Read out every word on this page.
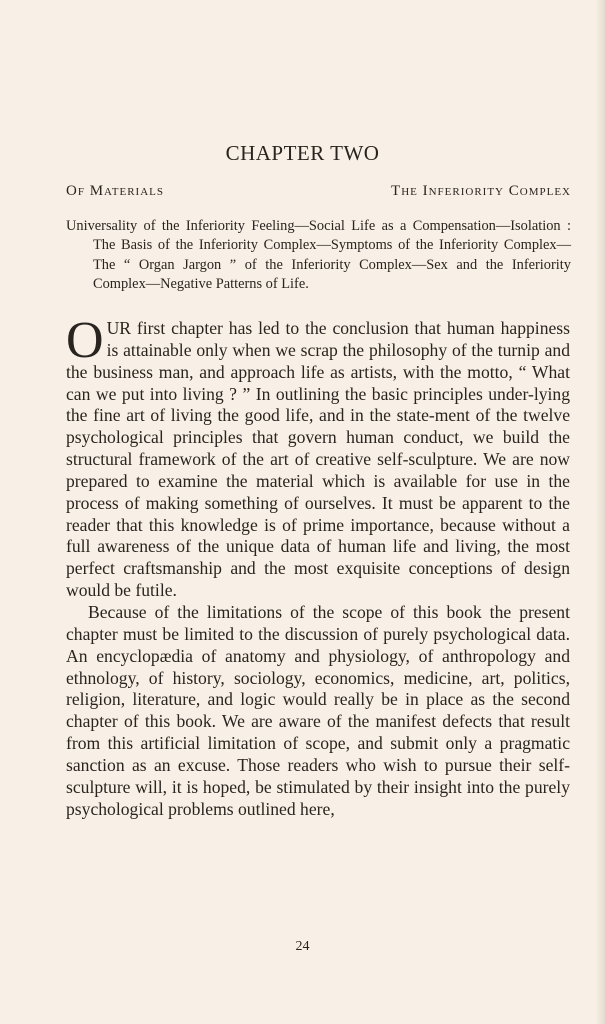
CHAPTER TWO

Of Materials	The Inferiority Complex

Universality of the Inferiority Feeling—Social Life as a Compensation—Isolation : The Basis of the Inferiority Complex—Symptoms of the Inferiority Complex—The “ Organ Jargon ” of the Inferiority Complex—Sex and the Inferiority Complex—Negative Patterns of Life.

OUR first chapter has led to the conclusion that human happiness is attainable only when we scrap the philosophy of the turnip and the business man, and approach life as artists, with the motto, “ What can we put into living ? ” In outlining the basic principles under-lying the fine art of living the good life, and in the state-ment of the twelve psychological principles that govern human conduct, we build the structural framework of the art of creative self-sculpture. We are now prepared to examine the material which is available for use in the process of making something of ourselves. It must be apparent to the reader that this knowledge is of prime importance, because without a full awareness of the unique data of human life and living, the most perfect craftsmanship and the most exquisite conceptions of design would be futile.

Because of the limitations of the scope of this book the present chapter must be limited to the discussion of purely psychological data. An encyclopædia of anatomy and physiology, of anthropology and ethnology, of history, sociology, economics, medicine, art, politics, religion, literature, and logic would really be in place as the second chapter of this book. We are aware of the manifest defects that result from this artificial limitation of scope, and submit only a pragmatic sanction as an excuse. Those readers who wish to pursue their self-sculpture will, it is hoped, be stimulated by their insight into the purely psychological problems outlined here,

24
